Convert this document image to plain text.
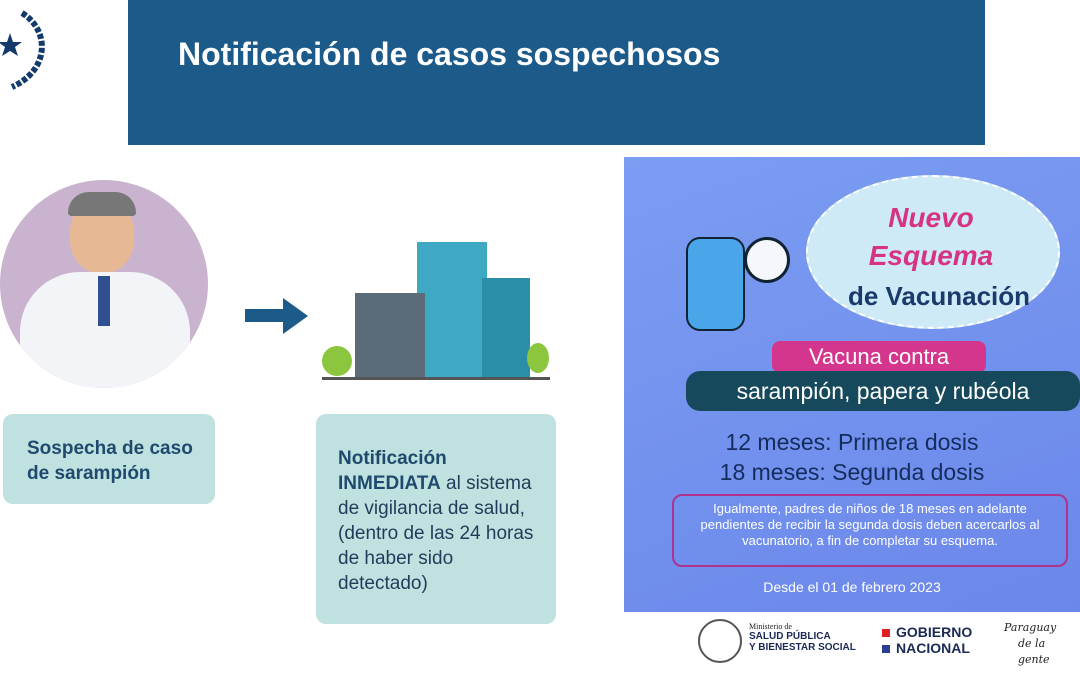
Notificación de casos sospechosos
Sospecha de caso de sarampión
Notificación INMEDIATA al sistema de vigilancia de salud, (dentro de las 24 horas de haber sido detectado)
Nuevo
Esquema
de Vacunación
Vacuna contra
sarampión, papera y rubéola
12 meses: Primera dosis
18 meses: Segunda dosis
Igualmente, padres de niños de 18 meses en adelante pendientes de recibir la segunda dosis deben acercarlos al vacunatorio, a fin de completar su esquema.
Desde el 01 de febrero 2023
Ministerio de
SALUD PÚBLICA
Y BIENESTAR SOCIAL
GOBIERNO
NACIONAL
Paraguay
de la gente
